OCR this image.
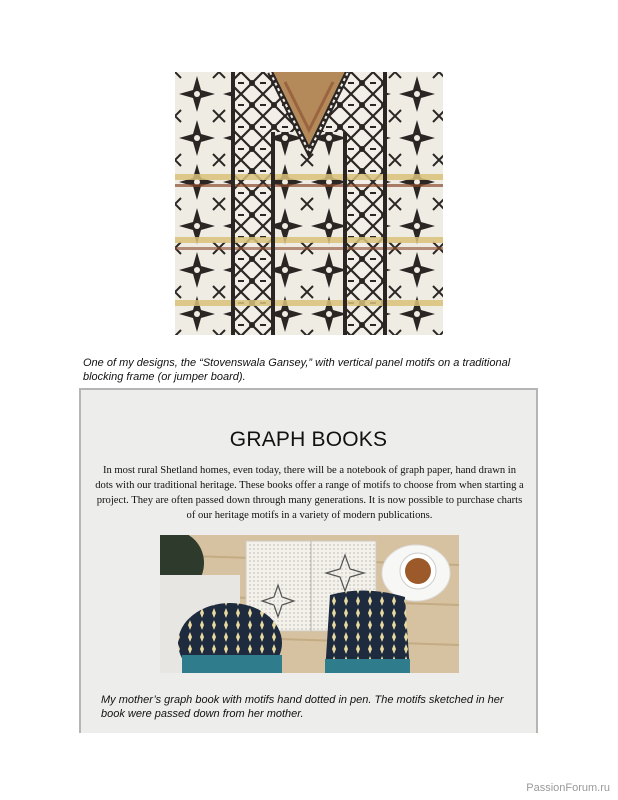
One of my designs, the “Stovenswala Gansey,” with vertical panel motifs on a traditional blocking frame (or jumper board).

GRAPH BOOKS
In most rural Shetland homes, even today, there will be a notebook of graph paper, hand drawn in dots with our traditional heritage. These books offer a range of motifs to choose from when starting a project. They are often passed down through many generations. It is now possible to purchase charts of our heritage motifs in a variety of modern publications.

My mother’s graph book with motifs hand dotted in pen. The motifs sketched in her book were passed down from her mother.

PassionForum.ru
